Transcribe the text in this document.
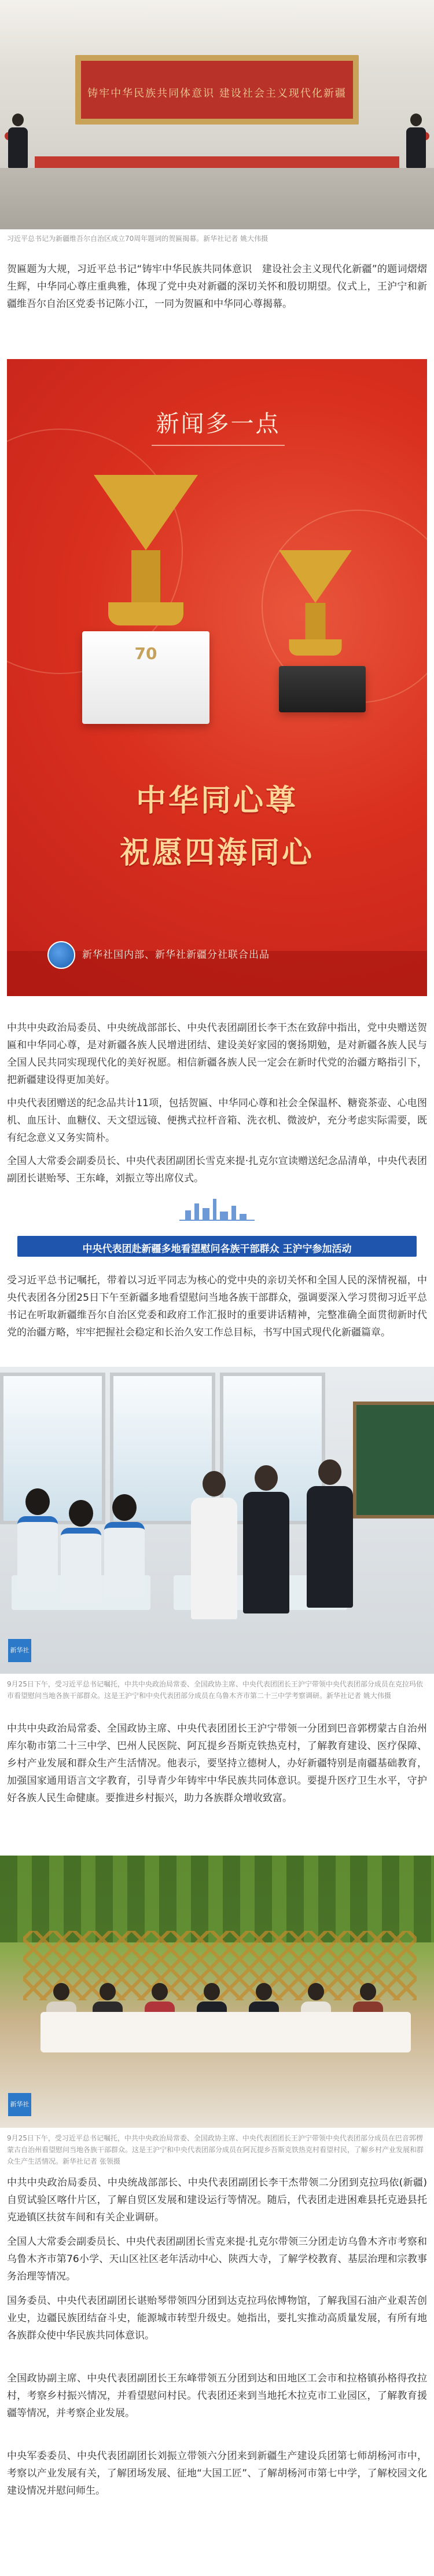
铸牢中华民族共同体意识 建设社会主义现代化新疆

习近平总书记为新疆维吾尔自治区成立70周年题词的贺匾揭幕。新华社记者 姚大伟摄

贺匾题为大规，习近平总书记“铸牢中华民族共同体意识　建设社会主义现代化新疆”的题词熠熠生辉，中华同心尊庄重典雅，体现了党中央对新疆的深切关怀和殷切期望。仪式上，王沪宁和新疆维吾尔自治区党委书记陈小江，一同为贺匾和中华同心尊揭幕。

新闻多一点
70
中华同心尊
祝愿四海同心
新华社国内部、新华社新疆分社联合出品

中共中央政治局委员、中央统战部部长、中央代表团副团长李干杰在致辞中指出，党中央赠送贺匾和中华同心尊，是对新疆各族人民增进团结、建设美好家园的褒扬期勉，是对新疆各族人民与全国人民共同实现现代化的美好祝愿。相信新疆各族人民一定会在新时代党的治疆方略指引下，把新疆建设得更加美好。

中央代表团赠送的纪念品共计11项，包括贺匾、中华同心尊和社会全保温杯、糖瓷茶壶、心电图机、血压计、血糖仪、天文望远镜、便携式拉杆音箱、洗衣机、微波炉，充分考虑实际需要，既有纪念意义又务实简朴。

全国人大常委会副委员长、中央代表团副团长雪克来提·扎克尔宣读赠送纪念品清单，中央代表团副团长谌贻琴、王东峰，刘振立等出席仪式。

中央代表团赴新疆多地看望慰问各族干部群众 王沪宁参加活动

受习近平总书记嘱托，带着以习近平同志为核心的党中央的亲切关怀和全国人民的深情祝福，中央代表团各分团25日下午至新疆多地看望慰问当地各族干部群众，强调要深入学习贯彻习近平总书记在听取新疆维吾尔自治区党委和政府工作汇报时的重要讲话精神，完整准确全面贯彻新时代党的治疆方略，牢牢把握社会稳定和长治久安工作总目标，书写中国式现代化新疆篇章。

新华社

9月25日下午，受习近平总书记嘱托，中共中央政治局常委、全国政协主席、中央代表团团长王沪宁带领中央代表团部分成员在克拉玛依市看望慰问当地各族干部群众。这是王沪宁和中央代表团部分成员在乌鲁木齐市第二十三中学考察调研。新华社记者 姚大伟摄

中共中央政治局常委、全国政协主席、中央代表团团长王沪宁带领一分团到巴音郭楞蒙古自治州库尔勒市第二十三中学、巴州人民医院、阿瓦提乡吾斯克铁热克村，了解教育建设、医疗保障、乡村产业发展和群众生产生活情况。他表示，要坚持立德树人，办好新疆特别是南疆基础教育，加强国家通用语言文字教育，引导青少年铸牢中华民族共同体意识。要提升医疗卫生水平，守护好各族人民生命健康。要推进乡村振兴，助力各族群众增收致富。

新华社

9月25日下午，受习近平总书记嘱托，中共中央政治局常委、全国政协主席、中央代表团团长王沪宁带领中央代表团部分成员在巴音郭楞蒙古自治州看望慰问当地各族干部群众。这是王沪宁和中央代表团部分成员在阿瓦提乡吾斯克铁热克村看望村民，了解乡村产业发展和群众生产生活情况。新华社记者 张领摄

中共中央政治局委员、中央统战部部长、中央代表团副团长李干杰带领二分团到克拉玛依(新疆)自贸试验区喀什片区，了解自贸区发展和建设运行等情况。随后，代表团走进困难县托克逊县托克逊镇区扶贫车间和有关企业调研。

全国人大常委会副委员长、中央代表团副团长雪克来提·扎克尔带领三分团走访乌鲁木齐市考察和乌鲁木齐市第76小学、天山区社区老年活动中心、陕西大寺，了解学校教育、基层治理和宗教事务治理等情况。

国务委员、中央代表团副团长谌贻琴带领四分团到达克拉玛依博物馆，了解我国石油产业艰苦创业史，边疆民族团结奋斗史，能源城市转型升级史。她指出，要扎实推动高质量发展，有所有地各族群众使中华民族共同体意识。

全国政协副主席、中央代表团副团长王东峰带领五分团到达和田地区工会市和拉格镇孙格得孜拉村，考察乡村振兴情况，并看望慰问村民。代表团还来到当地托木拉克市工业园区，了解教育援疆等情况，并考察企业发展。

中央军委委员、中央代表团副团长刘振立带领六分团来到新疆生产建设兵团第七师胡杨河市中，考察以产业发展有关，了解团场发展、征地“大国工匠”、了解胡杨河市第七中学，了解校园文化建设情况并慰问师生。
